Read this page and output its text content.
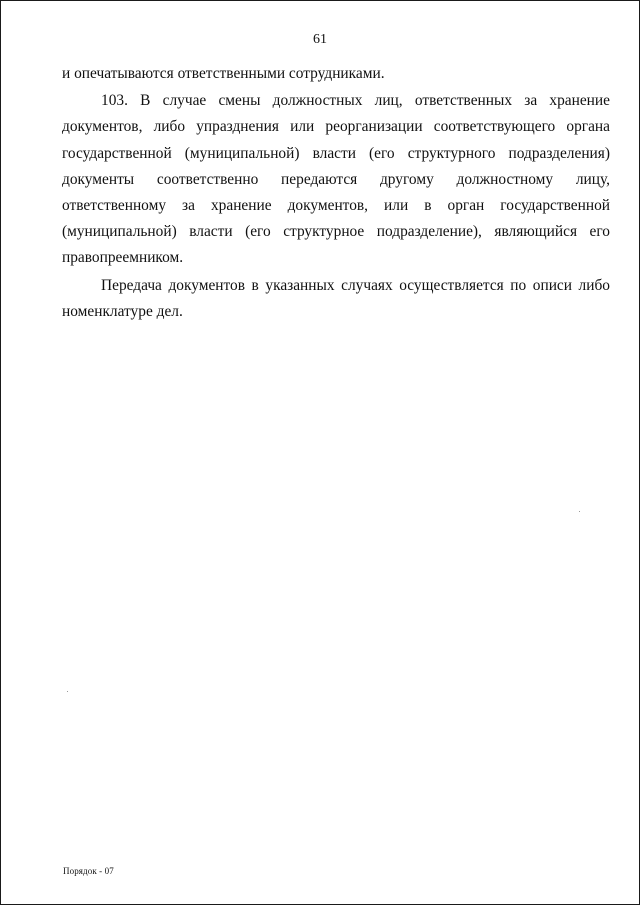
61

и опечатываются ответственными сотрудниками.

103. В случае смены должностных лиц, ответственных за хранение документов, либо упразднения или реорганизации соответствующего органа государственной (муниципальной) власти (его структурного подразделения) документы соответственно передаются другому должностному лицу, ответственному за хранение документов, или в орган государственной (муниципальной) власти (его структурное подразделение), являющийся его правопреемником.

Передача документов в указанных случаях осуществляется по описи либо номенклатуре дел.

Порядок - 07
